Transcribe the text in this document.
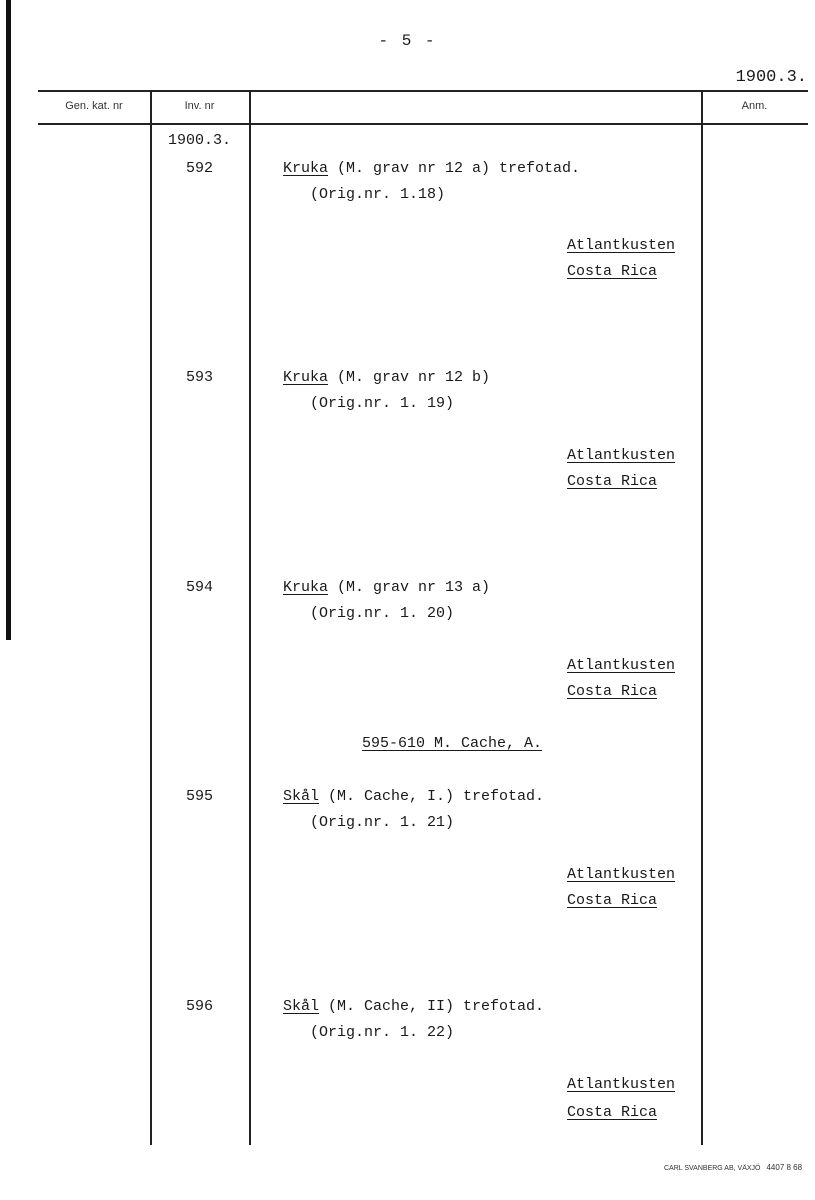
- 5 -
1900.3.
Gen. kat. nr	Inv. nr	Anm.
1900.3.
592	Kruka (M. grav nr 12 a) trefotad.
(Orig.nr. 1.18)
Atlantkusten
Costa Rica
593	Kruka (M. grav nr 12 b)
(Orig.nr. 1. 19)
Atlantkusten
Costa Rica
594	Kruka (M. grav nr 13 a)
(Orig.nr. 1. 20)
Atlantkusten
Costa Rica
595-610 M. Cache, A.
595	Skål (M. Cache, I.) trefotad.
(Orig.nr. 1. 21)
Atlantkusten
Costa Rica
596	Skål (M. Cache, II) trefotad.
(Orig.nr. 1. 22)
Atlantkusten
Costa Rica
CARL SVANBERG AB, VÄXJÖ 4407 8 68
